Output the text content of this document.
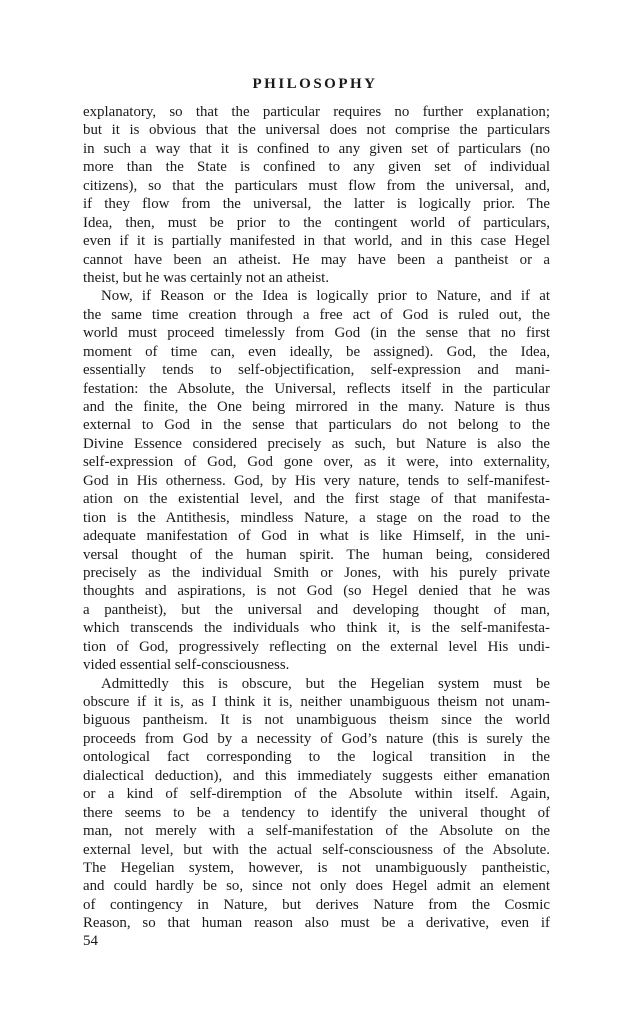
PHILOSOPHY
explanatory, so that the particular requires no further explanation;
but it is obvious that the universal does not comprise the particulars
in such a way that it is confined to any given set of particulars (no
more than the State is confined to any given set of individual
citizens), so that the particulars must flow from the universal, and,
if they flow from the universal, the latter is logically prior. The
Idea, then, must be prior to the contingent world of particulars,
even if it is partially manifested in that world, and in this case Hegel
cannot have been an atheist. He may have been a pantheist or a
theist, but he was certainly not an atheist.
Now, if Reason or the Idea is logically prior to Nature, and if at
the same time creation through a free act of God is ruled out, the
world must proceed timelessly from God (in the sense that no first
moment of time can, even ideally, be assigned). God, the Idea,
essentially tends to self-objectification, self-expression and mani-
festation: the Absolute, the Universal, reflects itself in the particular
and the finite, the One being mirrored in the many. Nature is thus
external to God in the sense that particulars do not belong to the
Divine Essence considered precisely as such, but Nature is also the
self-expression of God, God gone over, as it were, into externality,
God in His otherness. God, by His very nature, tends to self-manifest-
ation on the existential level, and the first stage of that manifesta-
tion is the Antithesis, mindless Nature, a stage on the road to the
adequate manifestation of God in what is like Himself, in the uni-
versal thought of the human spirit. The human being, considered
precisely as the individual Smith or Jones, with his purely private
thoughts and aspirations, is not God (so Hegel denied that he was
a pantheist), but the universal and developing thought of man,
which transcends the individuals who think it, is the self-manifesta-
tion of God, progressively reflecting on the external level His undi-
vided essential self-consciousness.
Admittedly this is obscure, but the Hegelian system must be
obscure if it is, as I think it is, neither unambiguous theism not unam-
biguous pantheism. It is not unambiguous theism since the world
proceeds from God by a necessity of God’s nature (this is surely the
ontological fact corresponding to the logical transition in the
dialectical deduction), and this immediately suggests either emanation
or a kind of self-diremption of the Absolute within itself. Again,
there seems to be a tendency to identify the univeral thought of
man, not merely with a self-manifestation of the Absolute on the
external level, but with the actual self-consciousness of the Absolute.
The Hegelian system, however, is not unambiguously pantheistic,
and could hardly be so, since not only does Hegel admit an element
of contingency in Nature, but derives Nature from the Cosmic
Reason, so that human reason also must be a derivative, even if

54
